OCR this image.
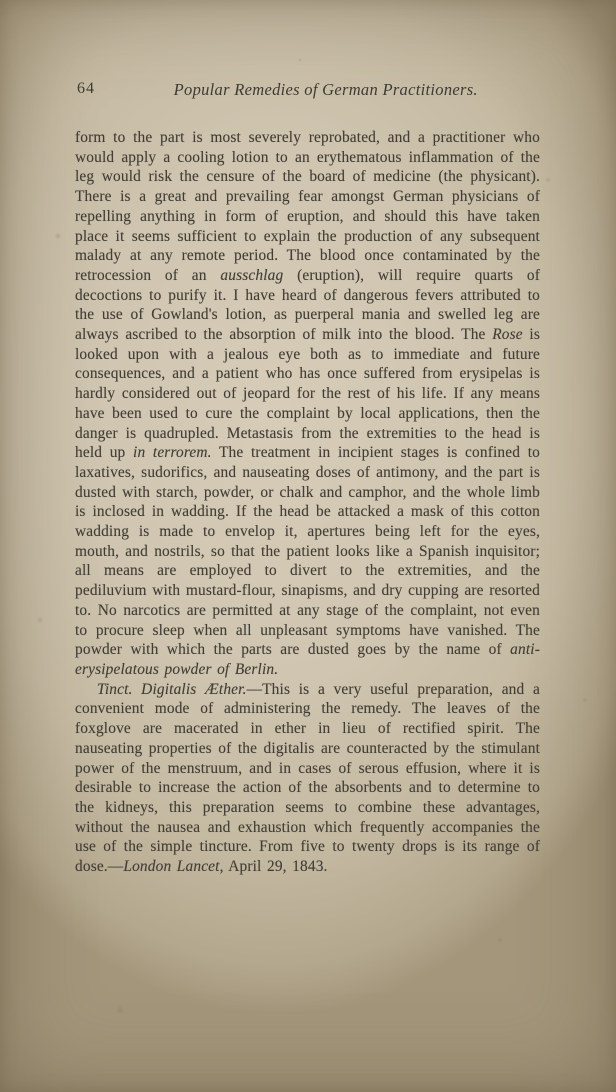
64	Popular Remedies of German Practitioners.

form to the part is most severely reprobated, and a practitioner who would apply a cooling lotion to an erythematous inflammation of the leg would risk the censure of the board of medicine (the physicant). There is a great and prevailing fear amongst German physicians of repelling anything in form of eruption, and should this have taken place it seems sufficient to explain the production of any subsequent malady at any remote period. The blood once contaminated by the retrocession of an ausschlag (eruption), will require quarts of decoctions to purify it. I have heard of dangerous fevers attributed to the use of Gowland's lotion, as puerperal mania and swelled leg are always ascribed to the absorption of milk into the blood. The Rose is looked upon with a jealous eye both as to immediate and future consequences, and a patient who has once suffered from erysipelas is hardly considered out of jeopard for the rest of his life. If any means have been used to cure the complaint by local applications, then the danger is quadrupled. Metastasis from the extremities to the head is held up in terrorem. The treatment in incipient stages is confined to laxatives, sudorifics, and nauseating doses of antimony, and the part is dusted with starch, powder, or chalk and camphor, and the whole limb is inclosed in wadding. If the head be attacked a mask of this cotton wadding is made to envelop it, apertures being left for the eyes, mouth, and nostrils, so that the patient looks like a Spanish inquisitor; all means are employed to divert to the extremities, and the pediluvium with mustard-flour, sinapisms, and dry cupping are resorted to. No narcotics are permitted at any stage of the complaint, not even to procure sleep when all unpleasant symptoms have vanished. The powder with which the parts are dusted goes by the name of anti-erysipelatous powder of Berlin.

Tinct. Digitalis Æther.—This is a very useful preparation, and a convenient mode of administering the remedy. The leaves of the foxglove are macerated in ether in lieu of rectified spirit. The nauseating properties of the digitalis are counteracted by the stimulant power of the menstruum, and in cases of serous effusion, where it is desirable to increase the action of the absorbents and to determine to the kidneys, this preparation seems to combine these advantages, without the nausea and exhaustion which frequently accompanies the use of the simple tincture. From five to twenty drops is its range of dose.—London Lancet, April 29, 1843.
